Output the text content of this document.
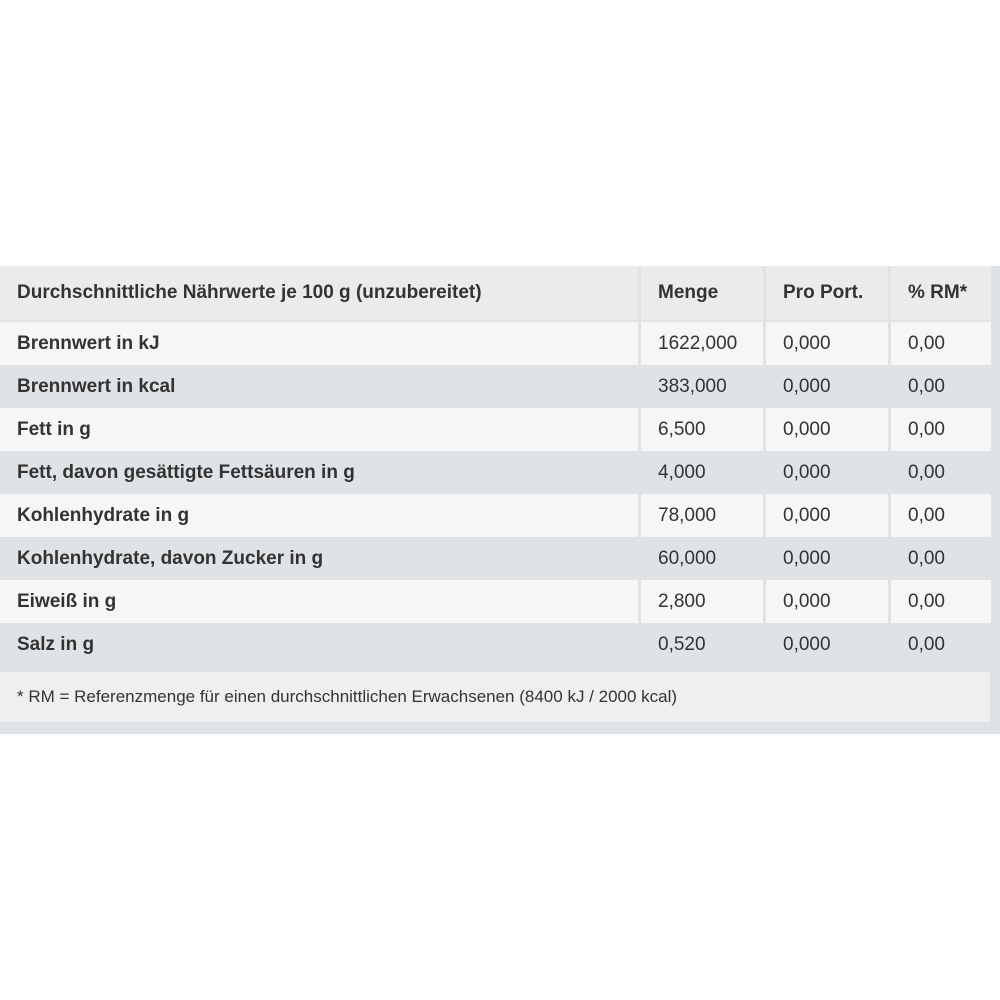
Durchschnittliche Nährwerte je 100 g (unzubereitet)	Menge	Pro Port.	% RM*
Brennwert in kJ	1622,000	0,000	0,00
Brennwert in kcal	383,000	0,000	0,00
Fett in g	6,500	0,000	0,00
Fett, davon gesättigte Fettsäuren in g	4,000	0,000	0,00
Kohlenhydrate in g	78,000	0,000	0,00
Kohlenhydrate, davon Zucker in g	60,000	0,000	0,00
Eiweiß in g	2,800	0,000	0,00
Salz in g	0,520	0,000	0,00
* RM = Referenzmenge für einen durchschnittlichen Erwachsenen (8400 kJ / 2000 kcal)
